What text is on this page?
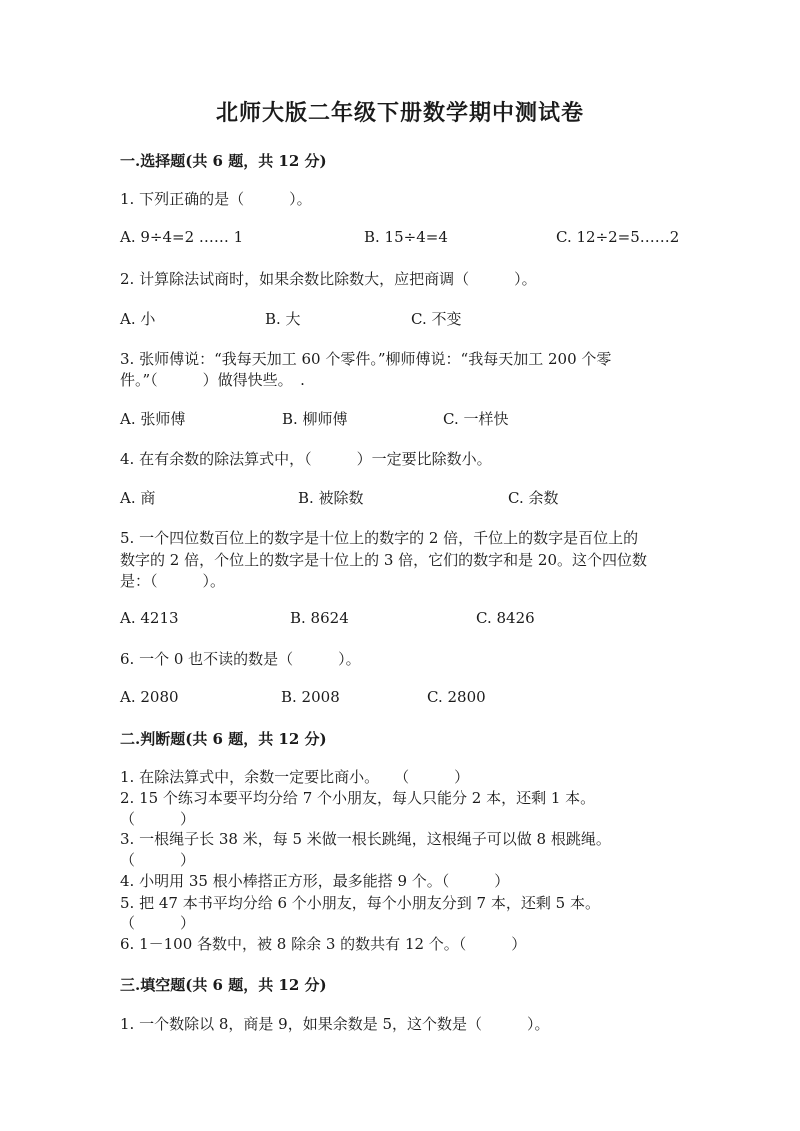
北师大版二年级下册数学期中测试卷
一.选择题(共 6 题，共 12 分)
1. 下列正确的是（　　　）。
A. 9÷4=2 …… 1	B. 15÷4=4	C. 12÷2=5……2
2. 计算除法试商时，如果余数比除数大，应把商调（　　　）。
A. 小	B. 大	C. 不变
3. 张师傅说：“我每天加工 60 个零件。”柳师傅说：“我每天加工 200 个零
件。”（　　　）做得快些。　.
A. 张师傅	B. 柳师傅	C. 一样快
4. 在有余数的除法算式中，（　　　）一定要比除数小。
A. 商	B. 被除数	C. 余数
5. 一个四位数百位上的数字是十位上的数字的 2 倍，千位上的数字是百位上的
数字的 2 倍，个位上的数字是十位上的 3 倍，它们的数字和是 20。这个四位数
是：（　　　）。
A. 4213	B. 8624	C. 8426
6. 一个 0 也不读的数是（　　　）。
A. 2080	B. 2008	C. 2800
二.判断题(共 6 题，共 12 分)
1. 在除法算式中，余数一定要比商小。　　（　　　）
2. 15 个练习本要平均分给 7 个小朋友，每人只能分 2 本，还剩 1 本。
（　　　）
3. 一根绳子长 38 米，每 5 米做一根长跳绳，这根绳子可以做 8 根跳绳。
（　　　）
4. 小明用 35 根小棒搭正方形，最多能搭 9 个。（　　　）
5. 把 47 本书平均分给 6 个小朋友，每个小朋友分到 7 本，还剩 5 本。
（　　　）
6. 1－100 各数中，被 8 除余 3 的数共有 12 个。（　　　）
三.填空题(共 6 题，共 12 分)
1. 一个数除以 8，商是 9，如果余数是 5，这个数是（　　　）。
